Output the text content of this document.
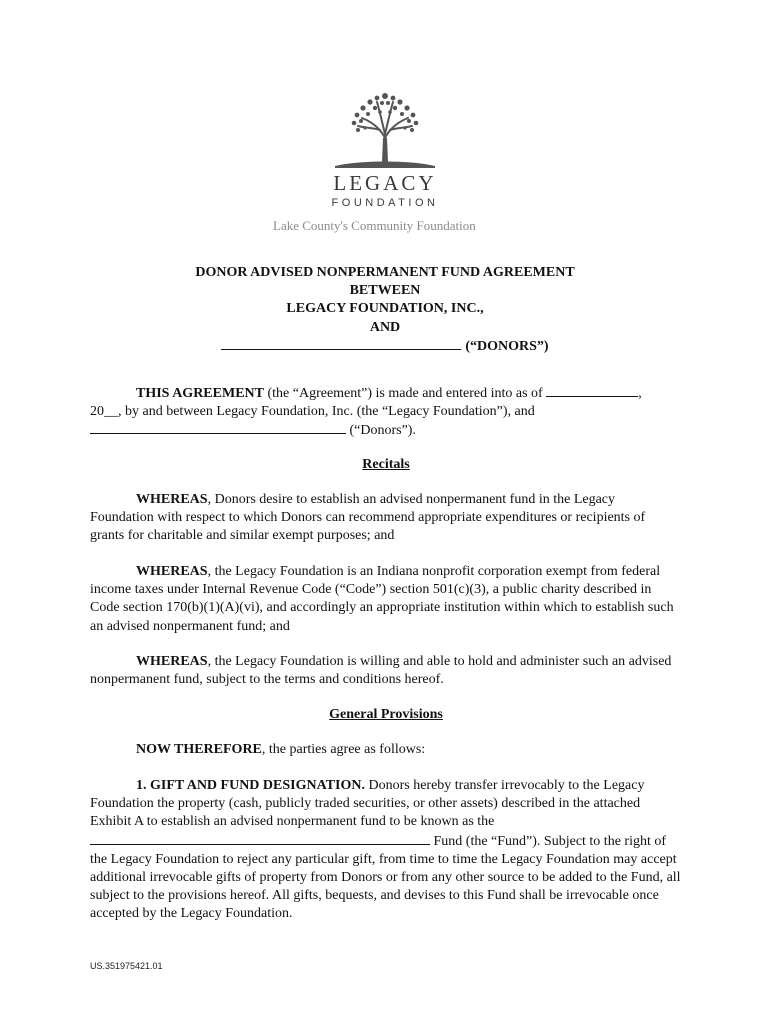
LEGACY
FOUNDATION
Lake County's Community Foundation
DONOR ADVISED NONPERMANENT FUND AGREEMENT
BETWEEN
LEGACY FOUNDATION, INC.,
AND
(“DONORS”)

THIS AGREEMENT (the “Agreement”) is made and entered into as of	,
20__, by and between Legacy Foundation, Inc. (the “Legacy Foundation”), and
(“Donors”).

Recitals

WHEREAS, Donors desire to establish an advised nonpermanent fund in the Legacy Foundation with respect to which Donors can recommend appropriate expenditures or recipients of grants for charitable and similar exempt purposes; and

WHEREAS, the Legacy Foundation is an Indiana nonprofit corporation exempt from federal income taxes under Internal Revenue Code (“Code”) section 501(c)(3), a public charity described in Code section 170(b)(1)(A)(vi), and accordingly an appropriate institution within which to establish such an advised nonpermanent fund; and

WHEREAS, the Legacy Foundation is willing and able to hold and administer such an advised nonpermanent fund, subject to the terms and conditions hereof.

General Provisions

NOW THEREFORE, the parties agree as follows:

1. GIFT AND FUND DESIGNATION. Donors hereby transfer irrevocably to the Legacy Foundation the property (cash, publicly traded securities, or other assets) described in the attached Exhibit A to establish an advised nonpermanent fund to be known as the  Fund (the “Fund”). Subject to the right of the Legacy Foundation to reject any particular gift, from time to time the Legacy Foundation may accept additional irrevocable gifts of property from Donors or from any other source to be added to the Fund, all subject to the provisions hereof. All gifts, bequests, and devises to this Fund shall be irrevocable once accepted by the Legacy Foundation.

US.351975421.01
